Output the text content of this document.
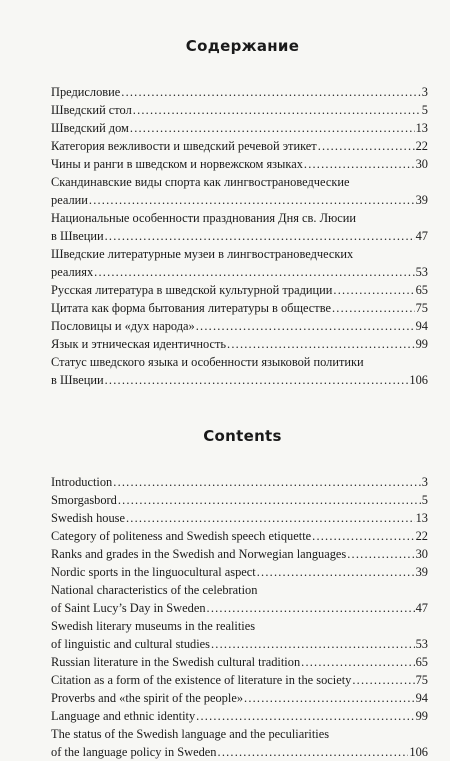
Содержание
Предисловие .....	3
Шведский стол .....	5
Шведский дом .....	13
Категория вежливости и шведский речевой этикет .....	22
Чины и ранги в шведском и норвежском языках .....	30
Скандинавские виды спорта как лингвострановедческие
реалии .....	39
Национальные особенности празднования Дня св. Люсии
в Швеции .....	47
Шведские литературные музеи в лингвострановедческих
реалиях .....	53
Русская литература в шведской культурной традиции .....	65
Цитата как форма бытования литературы в обществе .....	75
Пословицы и «дух народа» .....	94
Язык и этническая идентичность .....	99
Статус шведского языка и особенности языковой политики
в Швеции .....	106
Contents
Introduction .....	3
Smorgasbord .....	5
Swedish house .....	13
Category of politeness and Swedish speech etiquette .....	22
Ranks and grades in the Swedish and Norwegian languages .....	30
Nordic sports in the linguocultural aspect .....	39
National characteristics of the celebration
of Saint Lucy’s Day in Sweden .....	47
Swedish literary museums in the realities
of linguistic and cultural studies .....	53
Russian literature in the Swedish cultural tradition .....	65
Citation as a form of the existence of literature in the society .....	75
Proverbs and «the spirit of the people» .....	94
Language and ethnic identity .....	99
The status of the Swedish language and the peculiarities
of the language policy in Sweden .....	106
